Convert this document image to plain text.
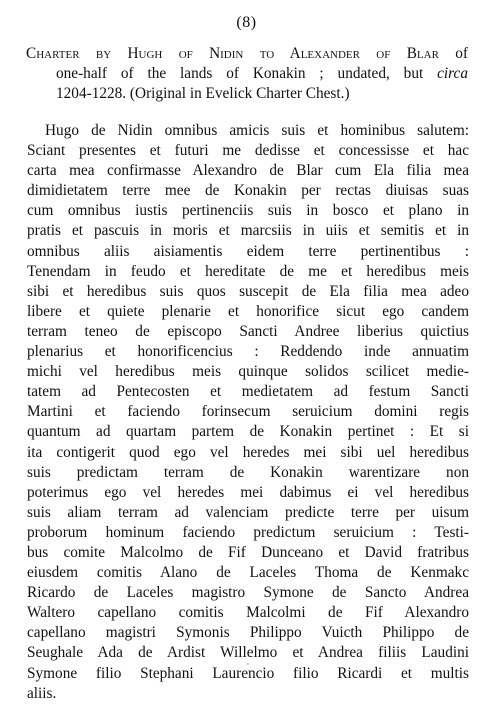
(8)
Charter by Hugh of Nidin to Alexander of Blar of
one-half of the lands of Konakin ; undated, but circa
1204-1228. (Original in Evelick Charter Chest.)
Hugo de Nidin omnibus amicis suis et hominibus salutem:
Sciant presentes et futuri me dedisse et concessisse et hac
carta mea confirmasse Alexandro de Blar cum Ela filia mea
dimidietatem terre mee de Konakin per rectas diuisas suas
cum omnibus iustis pertinenciis suis in bosco et plano in
pratis et pascuis in moris et marcsiis in uiis et semitis et in
omnibus aliis aisiamentis eidem terre pertinentibus :
Tenendam in feudo et hereditate de me et heredibus meis
sibi et heredibus suis quos suscepit de Ela filia mea adeo
libere et quiete plenarie et honorifice sicut ego candem
terram teneo de episcopo Sancti Andree liberius quictius
plenarius et honorificencius : Reddendo inde annuatim
michi vel heredibus meis quinque solidos scilicet medie-
tatem ad Pentecosten et medietatem ad festum Sancti
Martini et faciendo forinsecum seruicium domini regis
quantum ad quartam partem de Konakin pertinet : Et si
ita contigerit quod ego vel heredes mei sibi uel heredibus
suis predictam terram de Konakin warentizare non
poterimus ego vel heredes mei dabimus ei vel heredibus
suis aliam terram ad valenciam predicte terre per uisum
proborum hominum faciendo predictum seruicium : Testi-
bus comite Malcolmo de Fif Dunceano et David fratribus
eiusdem comitis Alano de Laceles Thoma de Kenmakc
Ricardo de Laceles magistro Symone de Sancto Andrea
Waltero capellano comitis Malcolmi de Fif Alexandro
capellano magistri Symonis Philippo Vuicth Philippo de
Seughale Ada de Ardist Willelmo et Andrea filiis Laudini
Symone filio Stephani Laurencio filio Ricardi et multis
aliis.
